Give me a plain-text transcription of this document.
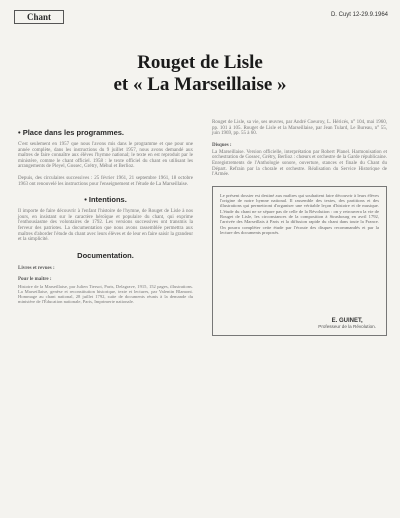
Chant	D. Cuyt 12-29.9.1964
Rouget de Lisle
et « La Marseillaise »
• Place dans les programmes.

C'est seulement en 1957 que nous l'avons mis dans le programme et que pour une année complète, dans les instructions du 9 juillet 1957, nous avons demandé aux maîtres de faire connaître aux élèves l'hymne national; le texte en est reproduit par le ministère, comme le chant officiel. 1958 : le texte officiel du chant en utilisant les arrangements de Pleyel, Gossec, Grétry, Méhul et Berlioz.

Depuis, des circulaires successives : 25 février 1961, 21 septembre 1961, 18 octobre 1963 ont renouvelé les instructions pour l'enseignement et l'étude de La Marseillaise.

• Intentions.

Il importe de faire découvrir à l'enfant l'histoire de l'hymne, de Rouget de Lisle à nos jours, en insistant sur le caractère héroïque et populaire du chant, qui exprime l'enthousiasme des volontaires de 1792. Les versions successives ont transmis la ferveur des patriotes. La documentation que nous avons rassemblée permettra aux maîtres d'aborder l'étude du chant avec leurs élèves et de leur en faire saisir la grandeur et la simplicité.

Documentation.
Livres et revues :
Pour le maître :

Histoire de la Marseillaise, par Julien Tiersot, Paris, Delagrave, 1915, 152 pages, illustrations. La Marseillaise, genèse et reconstitution historique, texte et lectures, par Valentin Blamont. Hommage au chant national, 28 juillet 1792, suite de documents réunis à la demande du ministère de l'Éducation nationale, Paris, Imprimerie nationale.

Rouget de Lisle, sa vie, ses œuvres, par André Coeuroy, L. Héricés, n° 104, mai 1960, pp. 101 à 105. Rouget de Lisle et la Marseillaise, par Jean Tulard, Le Bureau, n° 55, juin 1969, pp. 55 à 60.

Disques :

La Marseillaise. Version officielle, interprétation par Robert Planel. Harmonisation et orchestration de Gossec, Grétry, Berlioz : chœurs et orchestre de la Garde républicaine. Enregistrements de l'Anthologie sonore, ouverture, stances et finale du Chant du Départ. Refrain par la chorale et orchestre. Réalisation du Service Historique de l'Armée.

Le présent dossier est destiné aux maîtres qui souhaitent faire découvrir à leurs élèves l'origine de notre hymne national. Il rassemble des textes, des partitions et des illustrations qui permettront d'organiser une véritable leçon d'histoire et de musique. L'étude du chant ne se sépare pas de celle de la Révolution : on y retrouvera la vie de Rouget de Lisle, les circonstances de la composition à Strasbourg en avril 1792, l'arrivée des Marseillais à Paris et la diffusion rapide du chant dans toute la France. On pourra compléter cette étude par l'écoute des disques recommandés et par la lecture des documents proposés.

E. GUINET,
Professeur de la Révolution.
